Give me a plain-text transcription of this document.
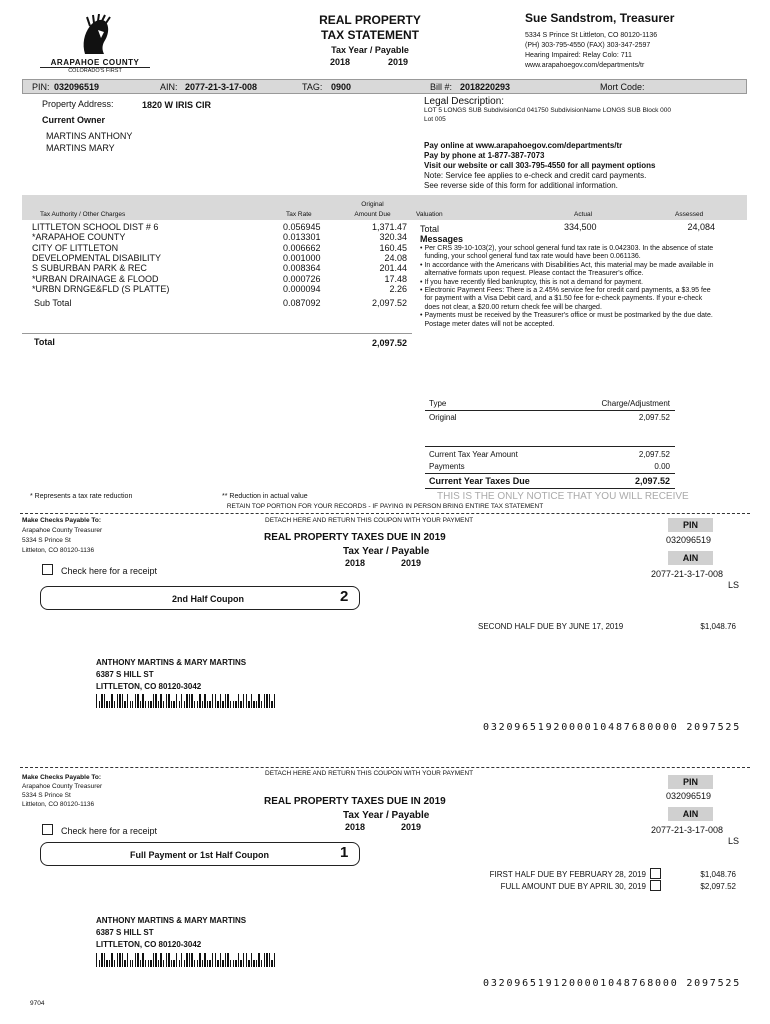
ARAPAHOE COUNTY
COLORADO'S FIRST
REAL PROPERTY
TAX STATEMENT
Tax Year / Payable
2018	2019
Sue Sandstrom, Treasurer
5334 S Prince St Littleton, CO 80120-1136
(PH) 303-795-4550 (FAX) 303-347-2597
Hearing Impaired: Relay Colo: 711
www.arapahoegov.com/departments/tr
PIN: 032096519	AIN: 2077-21-3-17-008	TAG: 0900	Bill #: 2018220293	Mort Code:
Property Address:	1820 W IRIS CIR
Current Owner
MARTINS ANTHONY
MARTINS MARY
Legal Description:
LOT 5 LONGS SUB SubdivisionCd 041750 SubdivisionName LONGS SUB Block 000
Lot 005
Pay online at www.arapahoegov.com/departments/tr
Pay by phone at 1-877-387-7073
Visit our website or call 303-795-4550 for all payment options
Note: Service fee applies to e-check and credit card payments.
See reverse side of this form for additional information.
Original
Tax Authority / Other Charges	Tax Rate	Amount Due	Valuation	Actual	Assessed
LITTLETON SCHOOL DIST # 6	0.056945	1,371.47
*ARAPAHOE COUNTY	0.013301	320.34
CITY OF LITTLETON	0.006662	160.45
DEVELOPMENTAL DISABILITY	0.001000	24.08
S SUBURBAN PARK & REC	0.008364	201.44
*URBAN DRAINAGE & FLOOD	0.000726	17.48
*URBN DRNGE&FLD (S PLATTE)	0.000094	2.26
Sub Total	0.087092	2,097.52
Total	2,097.52
Total	334,500	24,084
Messages
• Per CRS 39-10-103(2), your school general fund tax rate is 0.042303. In the absence of state funding, your school general fund tax rate would have been 0.061136.
• In accordance with the Americans with Disabilities Act, this material may be made available in alternative formats upon request. Please contact the Treasurer's office.
• If you have recently filed bankruptcy, this is not a demand for payment.
• Electronic Payment Fees: There is a 2.45% service fee for credit card payments, a $3.95 fee for payment with a Visa Debit card, and a $1.50 fee for e-check payments. If your e-check does not clear, a $20.00 return check fee will be charged.
• Payments must be received by the Treasurer's office or must be postmarked by the due date. Postage meter dates will not be accepted.
Type	Charge/Adjustment
Original	2,097.52
Current Tax Year Amount	2,097.52
Payments	0.00
Current Year Taxes Due	2,097.52
* Represents a tax rate reduction	** Reduction in actual value	THIS IS THE ONLY NOTICE THAT YOU WILL RECEIVE
RETAIN TOP PORTION FOR YOUR RECORDS - IF PAYING IN PERSON BRING ENTIRE TAX STATEMENT
Make Checks Payable To:
Arapahoe County Treasurer
5334 S Prince St
Littleton, CO 80120-1136
DETACH HERE AND RETURN THIS COUPON WITH YOUR PAYMENT
REAL PROPERTY TAXES DUE IN 2019
Tax Year / Payable
2018	2019
PIN
032096519
AIN
2077-21-3-17-008
LS
Check here for a receipt
2nd Half Coupon	2
SECOND HALF DUE BY JUNE 17, 2019	$1,048.76
ANTHONY MARTINS & MARY MARTINS
6387 S HILL ST
LITTLETON, CO 80120-3042
0320965192000010487680000 2097525
DETACH HERE AND RETURN THIS COUPON WITH YOUR PAYMENT
Make Checks Payable To:
Arapahoe County Treasurer
5334 S Prince St
Littleton, CO 80120-1136	REAL PROPERTY TAXES DUE IN 2019
Tax Year / Payable
2018	2019
PIN
032096519
AIN
2077-21-3-17-008
LS
Check here for a receipt
Full Payment or 1st Half Coupon	1
FIRST HALF DUE BY FEBRUARY 28, 2019	$1,048.76
FULL AMOUNT DUE BY APRIL 30, 2019	$2,097.52
ANTHONY MARTINS & MARY MARTINS
6387 S HILL ST
LITTLETON, CO 80120-3042
0320965191200001048768000 2097525
9704
